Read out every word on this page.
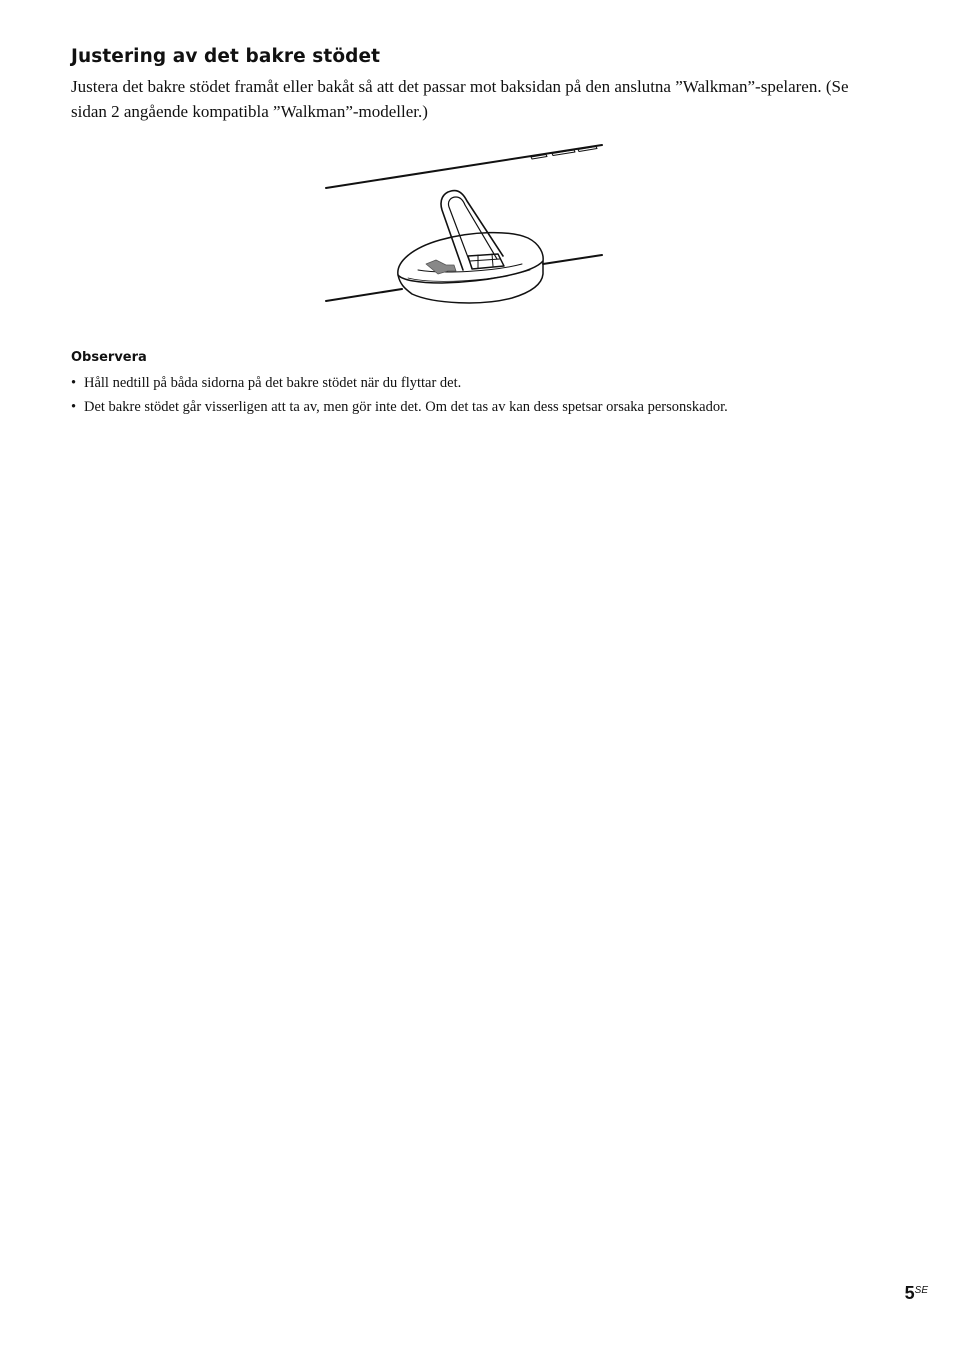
Justering av det bakre stödet

Justera det bakre stödet framåt eller bakåt så att det passar mot baksidan på den anslutna ”Walkman”-spelaren. (Se sidan 2 angående kompatibla ”Walkman”-modeller.)

Observera
• Håll nedtill på båda sidorna på det bakre stödet när du flyttar det.
• Det bakre stödet går visserligen att ta av, men gör inte det. Om det tas av kan dess spetsar orsaka personskador.
$5^{SE}$
